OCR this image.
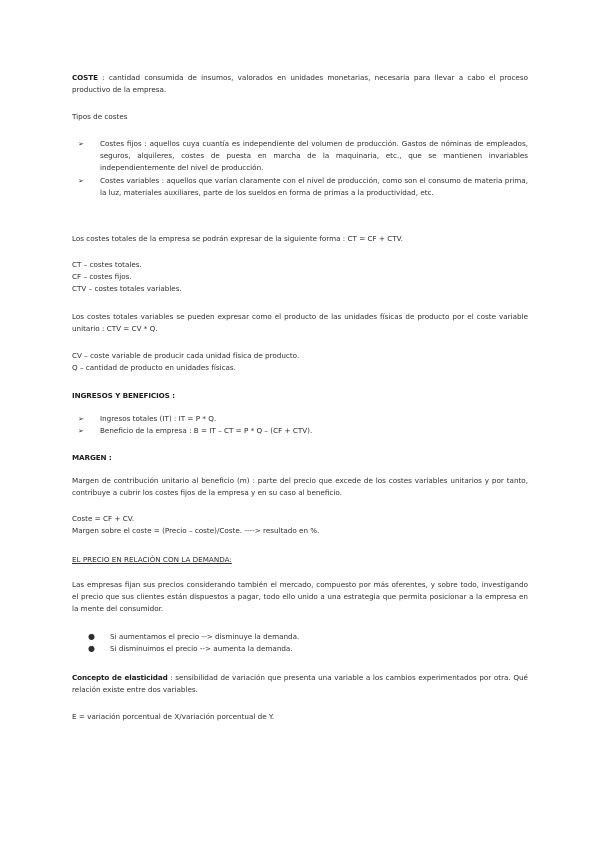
COSTE : cantidad consumida de insumos, valorados en unidades monetarias, necesaria para llevar a cabo el proceso productivo de la empresa.

Tipos de costes

➢ Costes fijos : aquellos cuya cuantía es independiente del volumen de producción. Gastos de nóminas de empleados, seguros, alquileres, costes de puesta en marcha de la maquinaria, etc., que se mantienen invariables independientemente del nivel de producción.
➢ Costes variables : aquellos que varían claramente con el nivel de producción, como son el consumo de materia prima, la luz, materiales auxiliares, parte de los sueldos en forma de primas a la productividad, etc.

Los costes totales de la empresa se podrán expresar de la siguiente forma : CT = CF + CTV.

CT – costes totales.

CF – costes fijos.

CTV – costes totales variables.

Los costes totales variables se pueden expresar como el producto de las unidades físicas de producto por el coste variable unitario : CTV = CV * Q.

CV – coste variable de producir cada unidad física de producto.

Q – cantidad de producto en unidades físicas.

INGRESOS Y BENEFICIOS :

➢ Ingresos totales (IT) : IT = P * Q.
➢ Beneficio de la empresa : B = IT – CT = P * Q – (CF + CTV).

MARGEN :

Margen de contribución unitario al beneficio (m) : parte del precio que excede de los costes variables unitarios y por tanto, contribuye a cubrir los costes fijos de la empresa y en su caso al beneficio.

Coste = CF + CV.

Margen sobre el coste = (Precio – coste)/Coste. ----> resultado en %.

EL PRECIO EN RELACIÓN CON LA DEMANDA:

Las empresas fijan sus precios considerando también el mercado, compuesto por más oferentes, y sobre todo, investigando el precio que sus clientes están dispuestos a pagar, todo ello unido a una estrategia que permita posicionar a la empresa en la mente del consumidor.

● Si aumentamos el precio --> disminuye la demanda.
● Si disminuimos el precio --> aumenta la demanda.

Concepto de elasticidad : sensibilidad de variación que presenta una variable a los cambios experimentados por otra. Qué relación existe entre dos variables.

E = variación porcentual de X/variación porcentual de Y.
